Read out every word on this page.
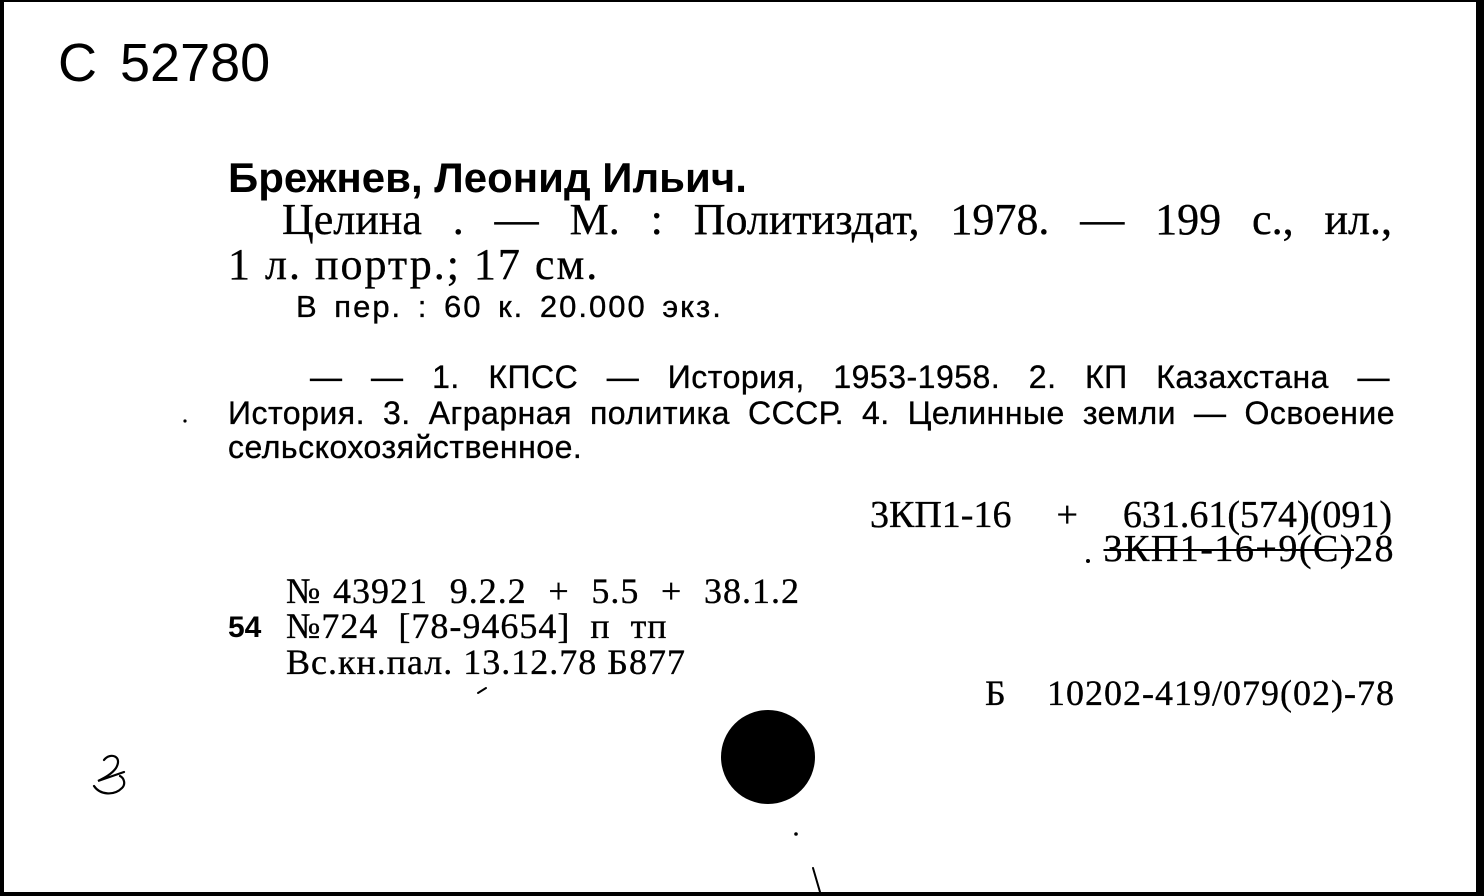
С 52780
Брежнев, Леонид Ильич.
Целина . — М. : Политиздат, 1978. — 199 с., ил.,
1 л. портр.; 17 см.
В пер. : 60 к. 20.000 экз.
— — 1. КПСС — История, 1953-1958. 2. КП Казахстана —
История. 3. Аграрная политика СССР. 4. Целинные земли — Освоение
сельскохозяйственное.
3КП1-16 + 631.61(574)(091)
3КП1-16+9(С)28
№43921 9.2.2 + 5.5 + 38.1.2
54 №724 [78-94654] п тп
Вс.кн.пал. 13.12.78 Б877
Б 10202-419/079(02)-78
